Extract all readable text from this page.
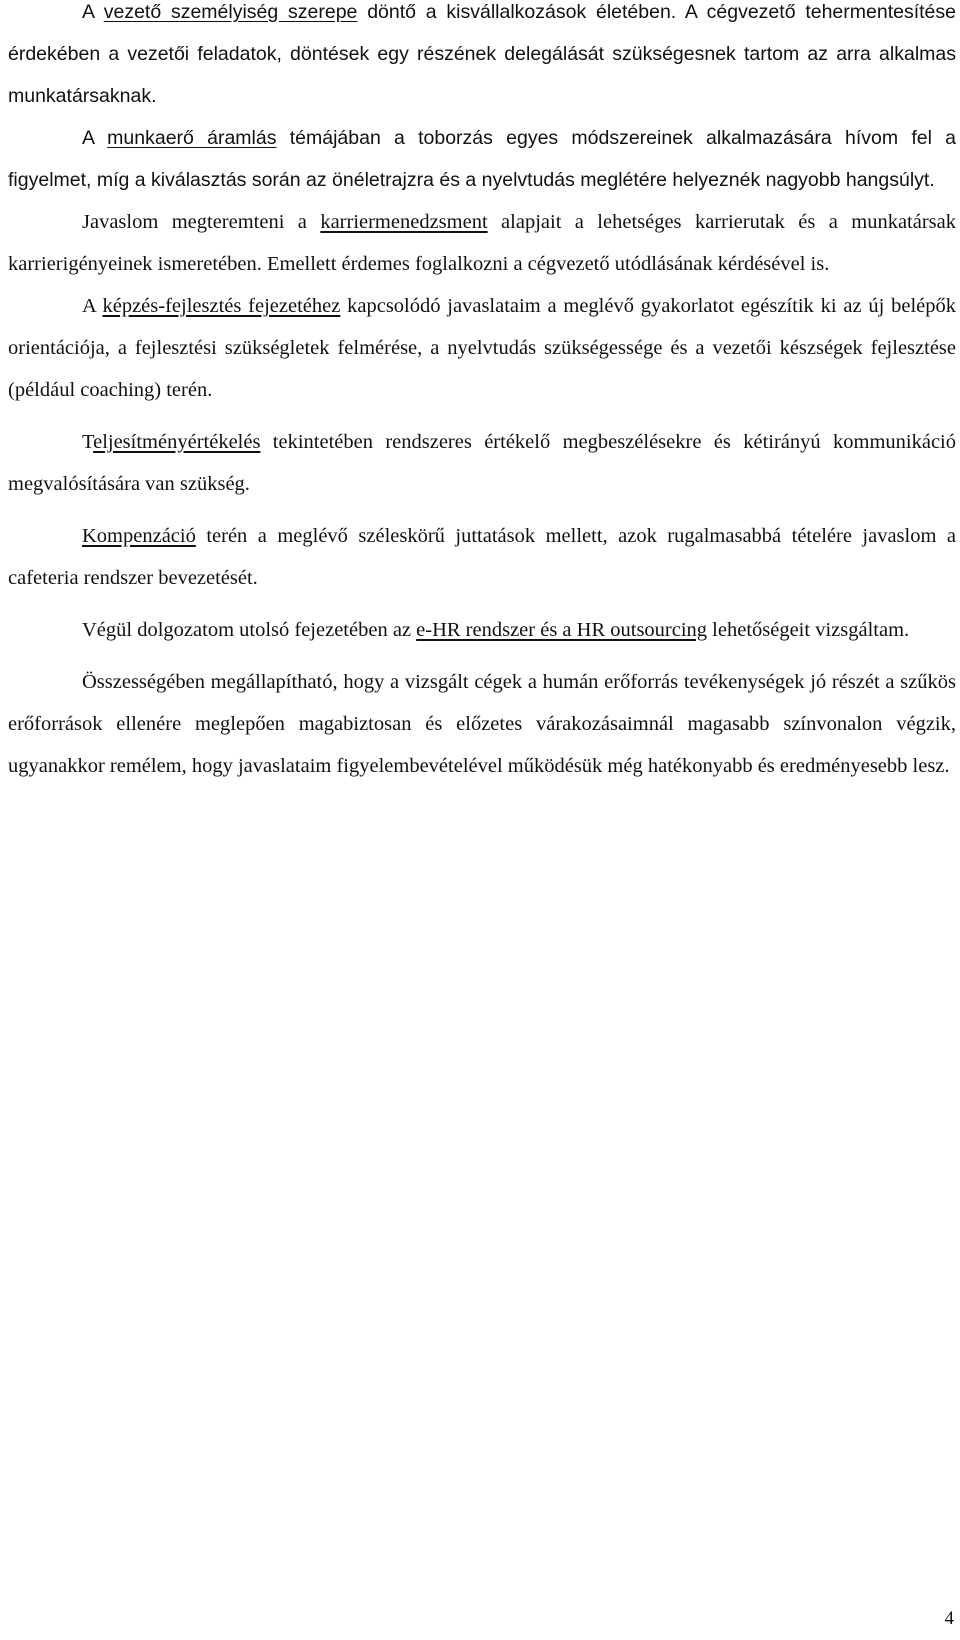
A vezető személyiség szerepe döntő a kisvállalkozások életében. A cégvezető tehermentesítése érdekében a vezetői feladatok, döntések egy részének delegálását szükségesnek tartom az arra alkalmas munkatársaknak.

A munkaerő áramlás témájában a toborzás egyes módszereinek alkalmazására hívom fel a figyelmet, míg a kiválasztás során az önéletrajzra és a nyelvtudás meglétére helyeznék nagyobb hangsúlyt.

Javaslom megteremteni a karriermenedzsment alapjait a lehetséges karrierutak és a munkatársak karrierigényeinek ismeretében. Emellett érdemes foglalkozni a cégvezető utódlásának kérdésével is.

A képzés-fejlesztés fejezetéhez kapcsolódó javaslataim a meglévő gyakorlatot egészítik ki az új belépők orientációja, a fejlesztési szükségletek felmérése, a nyelvtudás szükségessége és a vezetői készségek fejlesztése (például coaching) terén.

Teljesítményértékelés tekintetében rendszeres értékelő megbeszélésekre és kétirányú kommunikáció megvalósítására van szükség.

Kompenzáció terén a meglévő széleskörű juttatások mellett, azok rugalmasabbá tételére javaslom a cafeteria rendszer bevezetését.

Végül dolgozatom utolsó fejezetében az e-HR rendszer és a HR outsourcing lehetőségeit vizsgáltam.

Összességében megállapítható, hogy a vizsgált cégek a humán erőforrás tevékenységek jó részét a szűkös erőforrások ellenére meglepően magabiztosan és előzetes várakozásaimnál magasabb színvonalon végzik, ugyanakkor remélem, hogy javaslataim figyelembevételével működésük még hatékonyabb és eredményesebb lesz.

4
